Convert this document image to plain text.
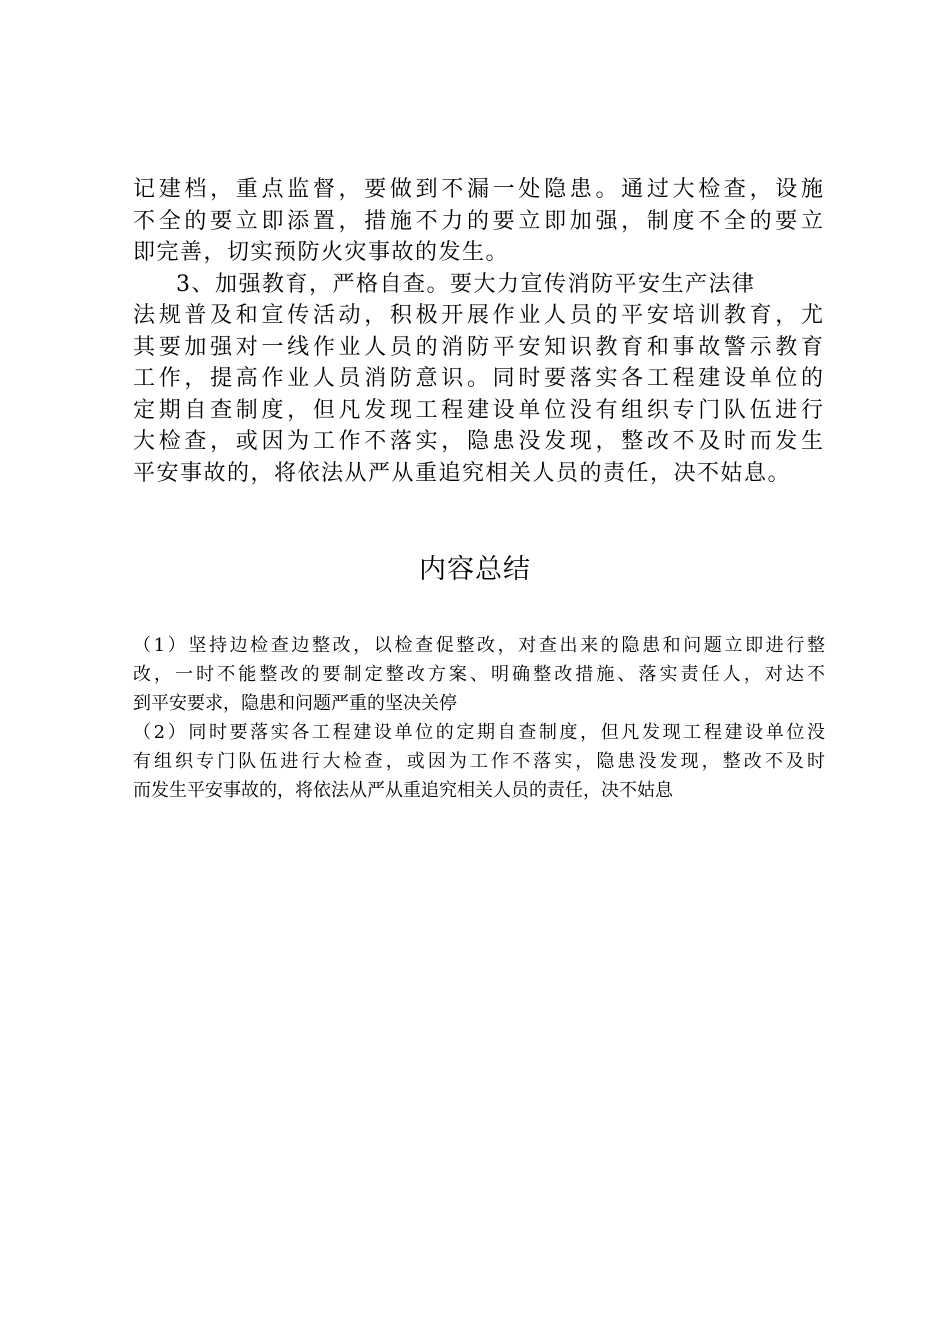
记建档，重点监督，要做到不漏一处隐患。通过大检查，设施
不全的要立即添置，措施不力的要立即加强，制度不全的要立
即完善，切实预防火灾事故的发生。
3、加强教育，严格自查。要大力宣传消防平安生产法律
法规普及和宣传活动，积极开展作业人员的平安培训教育，尤
其要加强对一线作业人员的消防平安知识教育和事故警示教育
工作，提高作业人员消防意识。同时要落实各工程建设单位的
定期自查制度，但凡发现工程建设单位没有组织专门队伍进行
大检查，或因为工作不落实，隐患没发现，整改不及时而发生
平安事故的，将依法从严从重追究相关人员的责任，决不姑息。
内容总结
（1）坚持边检查边整改，以检查促整改，对查出来的隐患和问题立即进行整
改，一时不能整改的要制定整改方案、明确整改措施、落实责任人，对达不
到平安要求，隐患和问题严重的坚决关停
（2）同时要落实各工程建设单位的定期自查制度，但凡发现工程建设单位没
有组织专门队伍进行大检查，或因为工作不落实，隐患没发现，整改不及时
而发生平安事故的，将依法从严从重追究相关人员的责任，决不姑息
